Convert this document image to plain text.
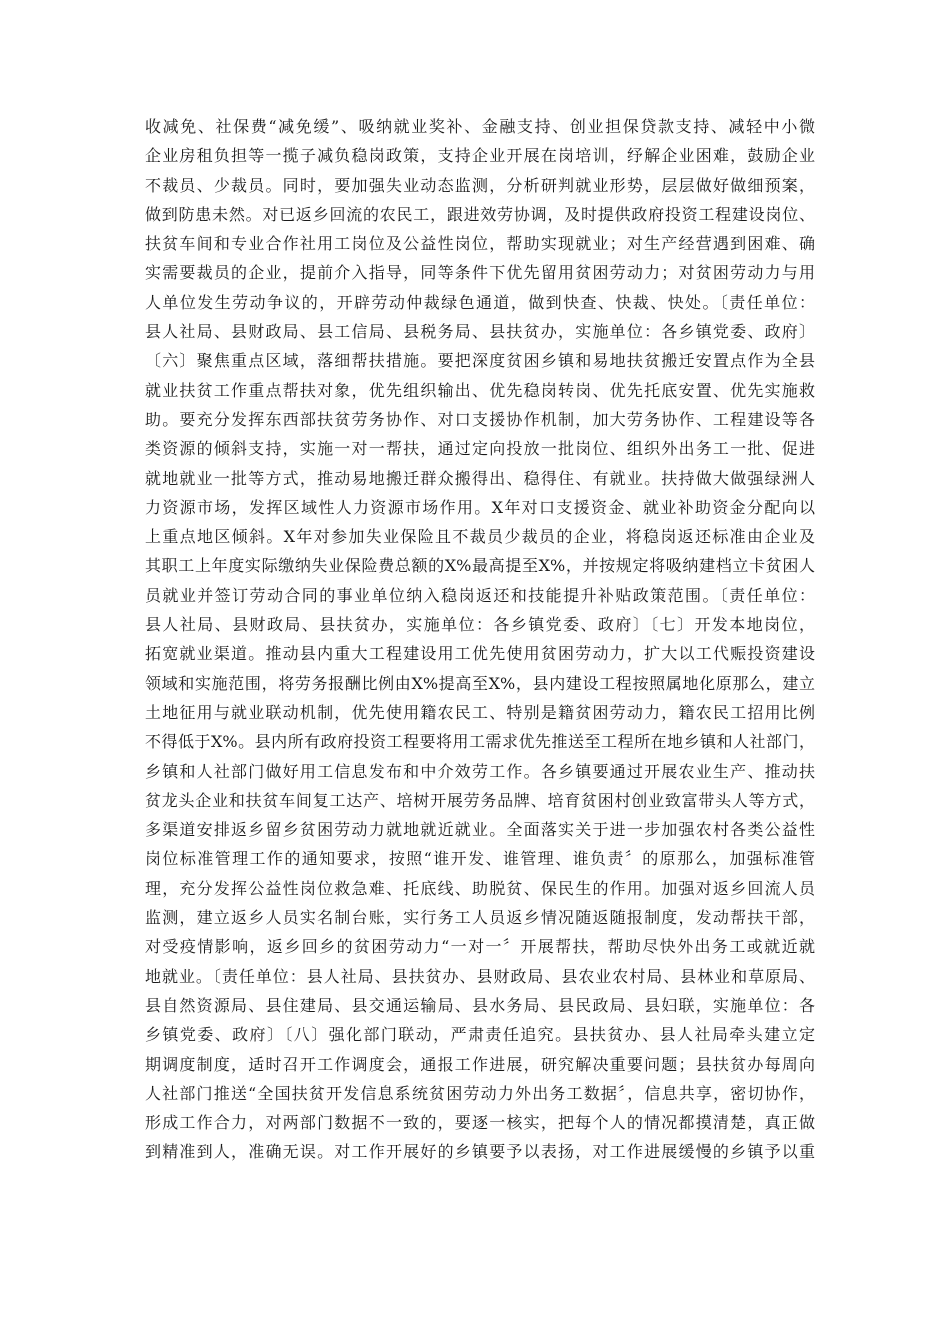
收减免、社保费“减免缓”、吸纳就业奖补、金融支持、创业担保贷款支持、减轻中小微
企业房租负担等一揽子减负稳岗政策，支持企业开展在岗培训，纾解企业困难，鼓励企业
不裁员、少裁员。同时，要加强失业动态监测，分析研判就业形势，层层做好做细预案，
做到防患未然。对已返乡回流的农民工，跟进效劳协调，及时提供政府投资工程建设岗位、
扶贫车间和专业合作社用工岗位及公益性岗位，帮助实现就业；对生产经营遇到困难、确
实需要裁员的企业，提前介入指导，同等条件下优先留用贫困劳动力；对贫困劳动力与用
人单位发生劳动争议的，开辟劳动仲裁绿色通道，做到快查、快裁、快处。〔责任单位：
县人社局、县财政局、县工信局、县税务局、县扶贫办，实施单位：各乡镇党委、政府〕
〔六〕聚焦重点区域，落细帮扶措施。要把深度贫困乡镇和易地扶贫搬迁安置点作为全县
就业扶贫工作重点帮扶对象，优先组织输出、优先稳岗转岗、优先托底安置、优先实施救
助。要充分发挥东西部扶贫劳务协作、对口支援协作机制，加大劳务协作、工程建设等各
类资源的倾斜支持，实施一对一帮扶，通过定向投放一批岗位、组织外出务工一批、促进
就地就业一批等方式，推动易地搬迁群众搬得出、稳得住、有就业。扶持做大做强绿洲人
力资源市场，发挥区域性人力资源市场作用。X年对口支援资金、就业补助资金分配向以
上重点地区倾斜。X年对参加失业保险且不裁员少裁员的企业，将稳岗返还标准由企业及
其职工上年度实际缴纳失业保险费总额的X%最高提至X%，并按规定将吸纳建档立卡贫困人
员就业并签订劳动合同的事业单位纳入稳岗返还和技能提升补贴政策范围。〔责任单位：
县人社局、县财政局、县扶贫办，实施单位：各乡镇党委、政府〕〔七〕开发本地岗位，
拓宽就业渠道。推动县内重大工程建设用工优先使用贫困劳动力，扩大以工代赈投资建设
领域和实施范围，将劳务报酬比例由X%提高至X%，县内建设工程按照属地化原那么，建立
土地征用与就业联动机制，优先使用籍农民工、特别是籍贫困劳动力，籍农民工招用比例
不得低于X%。县内所有政府投资工程要将用工需求优先推送至工程所在地乡镇和人社部门，
乡镇和人社部门做好用工信息发布和中介效劳工作。各乡镇要通过开展农业生产、推动扶
贫龙头企业和扶贫车间复工达产、培树开展劳务品牌、培育贫困村创业致富带头人等方式，
多渠道安排返乡留乡贫困劳动力就地就近就业。全面落实关于进一步加强农村各类公益性
岗位标准管理工作的通知要求，按照“谁开发、谁管理、谁负责〞的原那么，加强标准管
理，充分发挥公益性岗位救急难、托底线、助脱贫、保民生的作用。加强对返乡回流人员
监测，建立返乡人员实名制台账，实行务工人员返乡情况随返随报制度，发动帮扶干部，
对受疫情影响，返乡回乡的贫困劳动力“一对一〞开展帮扶，帮助尽快外出务工或就近就
地就业。〔责任单位：县人社局、县扶贫办、县财政局、县农业农村局、县林业和草原局、
县自然资源局、县住建局、县交通运输局、县水务局、县民政局、县妇联，实施单位：各
乡镇党委、政府〕〔八〕强化部门联动，严肃责任追究。县扶贫办、县人社局牵头建立定
期调度制度，适时召开工作调度会，通报工作进展，研究解决重要问题；县扶贫办每周向
人社部门推送“全国扶贫开发信息系统贫困劳动力外出务工数据〞，信息共享，密切协作，
形成工作合力，对两部门数据不一致的，要逐一核实，把每个人的情况都摸清楚，真正做
到精准到人，准确无误。对工作开展好的乡镇要予以表扬，对工作进展缓慢的乡镇予以重
